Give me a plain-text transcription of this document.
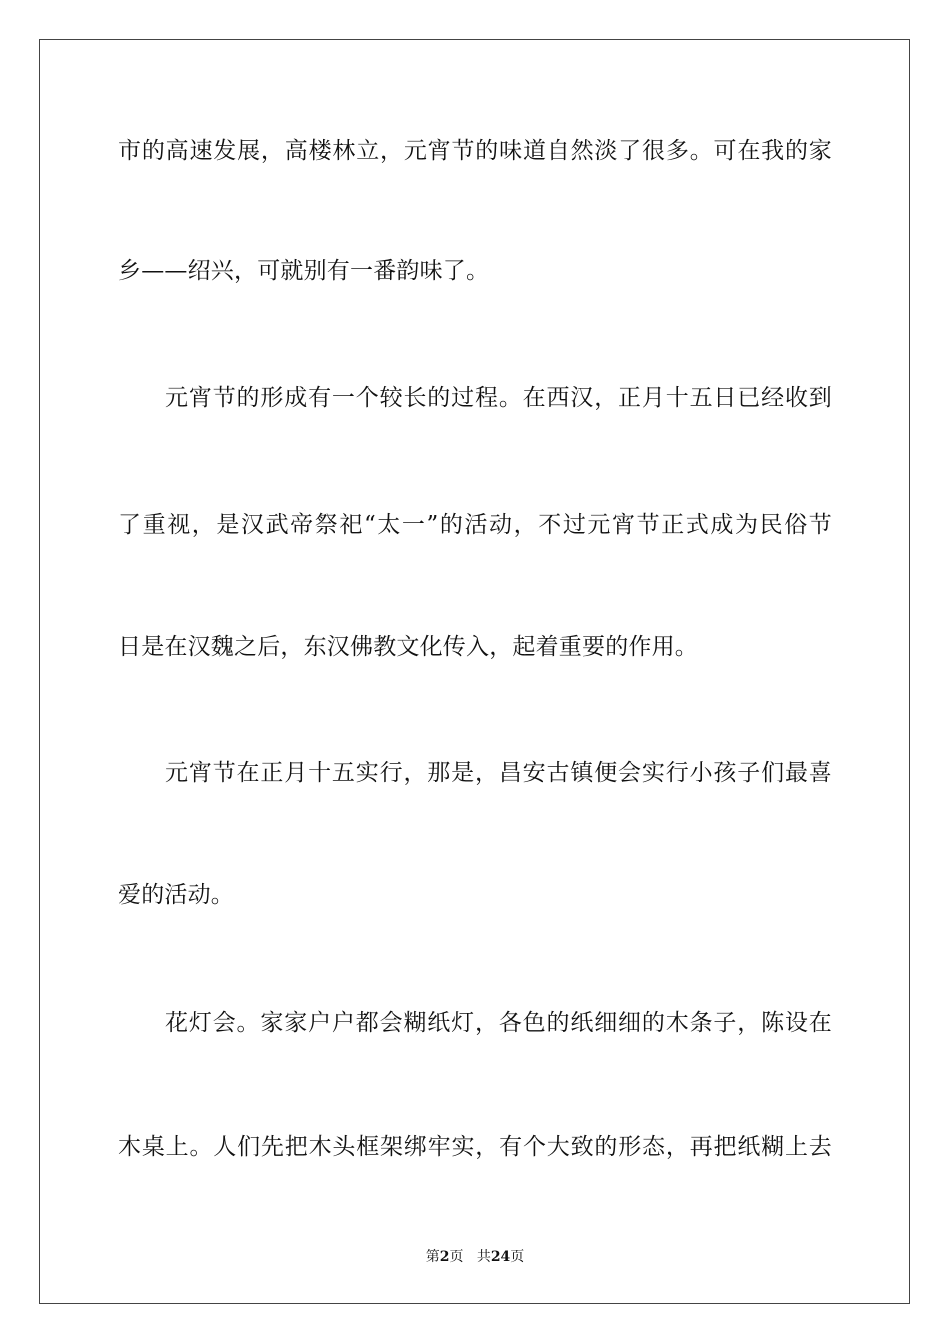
市的高速发展，高楼林立，元宵节的味道自然淡了很多。可在我的家
乡——绍兴，可就别有一番韵味了。
元宵节的形成有一个较长的过程。在西汉，正月十五日已经收到
了重视，是汉武帝祭祀“太一”的活动，不过元宵节正式成为民俗节
日是在汉魏之后，东汉佛教文化传入，起着重要的作用。
元宵节在正月十五实行，那是，昌安古镇便会实行小孩子们最喜
爱的活动。
花灯会。家家户户都会糊纸灯，各色的纸细细的木条子，陈设在
木桌上。人们先把木头框架绑牢实，有个大致的形态，再把纸糊上去
第2页 共24页
